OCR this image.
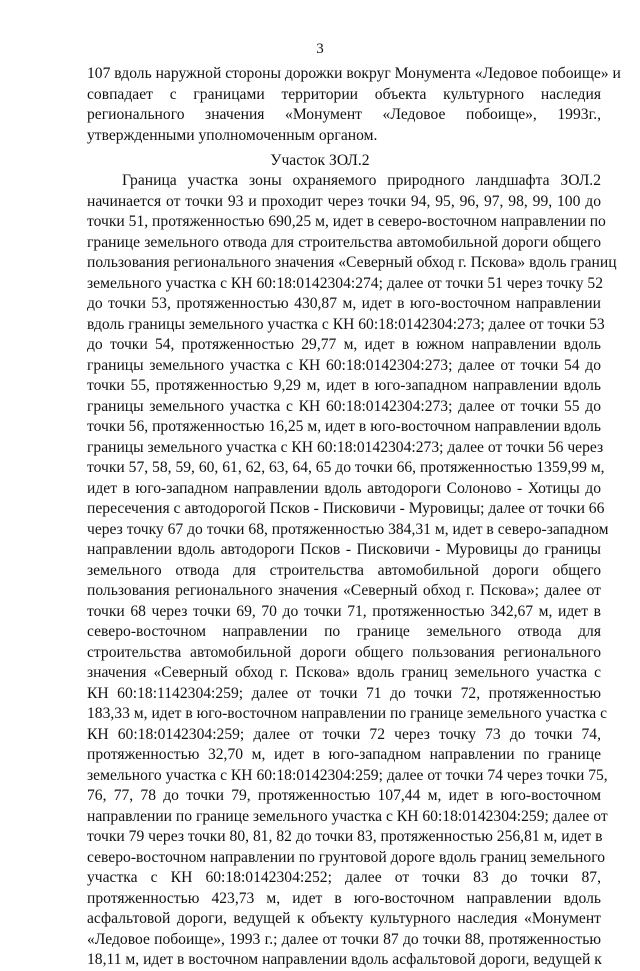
3
107 вдоль наружной стороны дорожки вокруг Монумента «Ледовое побоище» и
совпадает с границами территории объекта культурного наследия
регионального значения «Монумент «Ледовое побоище», 1993г.,
утвержденными уполномоченным органом.
Участок ЗОЛ.2
Граница участка зоны охраняемого природного ландшафта ЗОЛ.2
начинается от точки 93 и проходит через точки 94, 95, 96, 97, 98, 99, 100 до
точки 51, протяженностью 690,25 м, идет в северо-восточном направлении по
границе земельного отвода для строительства автомобильной дороги общего
пользования регионального значения «Северный обход г. Пскова» вдоль границ
земельного участка с КН 60:18:0142304:274; далее от точки 51 через точку 52
до точки 53, протяженностью 430,87 м, идет в юго-восточном направлении
вдоль границы земельного участка с КН 60:18:0142304:273; далее от точки 53
до точки 54, протяженностью 29,77 м, идет в южном направлении вдоль
границы земельного участка с КН 60:18:0142304:273; далее от точки 54 до
точки 55, протяженностью 9,29 м, идет в юго-западном направлении вдоль
границы земельного участка с КН 60:18:0142304:273; далее от точки 55 до
точки 56, протяженностью 16,25 м, идет в юго-восточном направлении вдоль
границы земельного участка с КН 60:18:0142304:273; далее от точки 56 через
точки 57, 58, 59, 60, 61, 62, 63, 64, 65 до точки 66, протяженностью 1359,99 м,
идет в юго-западном направлении вдоль автодороги Солоново - Хотицы до
пересечения с автодорогой Псков - Писковичи - Муровицы; далее от точки 66
через точку 67 до точки 68, протяженностью 384,31 м, идет в северо-западном
направлении вдоль автодороги Псков - Писковичи - Муровицы до границы
земельного отвода для строительства автомобильной дороги общего
пользования регионального значения «Северный обход г. Пскова»; далее от
точки 68 через точки 69, 70 до точки 71, протяженностью 342,67 м, идет в
северо-восточном направлении по границе земельного отвода для
строительства автомобильной дороги общего пользования регионального
значения «Северный обход г. Пскова» вдоль границ земельного участка с
КН 60:18:1142304:259; далее от точки 71 до точки 72, протяженностью
183,33 м, идет в юго-восточном направлении по границе земельного участка с
КН 60:18:0142304:259; далее от точки 72 через точку 73 до точки 74,
протяженностью 32,70 м, идет в юго-западном направлении по границе
земельного участка с КН 60:18:0142304:259; далее от точки 74 через точки 75,
76, 77, 78 до точки 79, протяженностью 107,44 м, идет в юго-восточном
направлении по границе земельного участка с КН 60:18:0142304:259; далее от
точки 79 через точки 80, 81, 82 до точки 83, протяженностью 256,81 м, идет в
северо-восточном направлении по грунтовой дороге вдоль границ земельного
участка с КН 60:18:0142304:252; далее от точки 83 до точки 87,
протяженностью 423,73 м, идет в юго-восточном направлении вдоль
асфальтовой дороги, ведущей к объекту культурного наследия «Монумент
«Ледовое побоище», 1993 г.; далее от точки 87 до точки 88, протяженностью
18,11 м, идет в восточном направлении вдоль асфальтовой дороги, ведущей к
